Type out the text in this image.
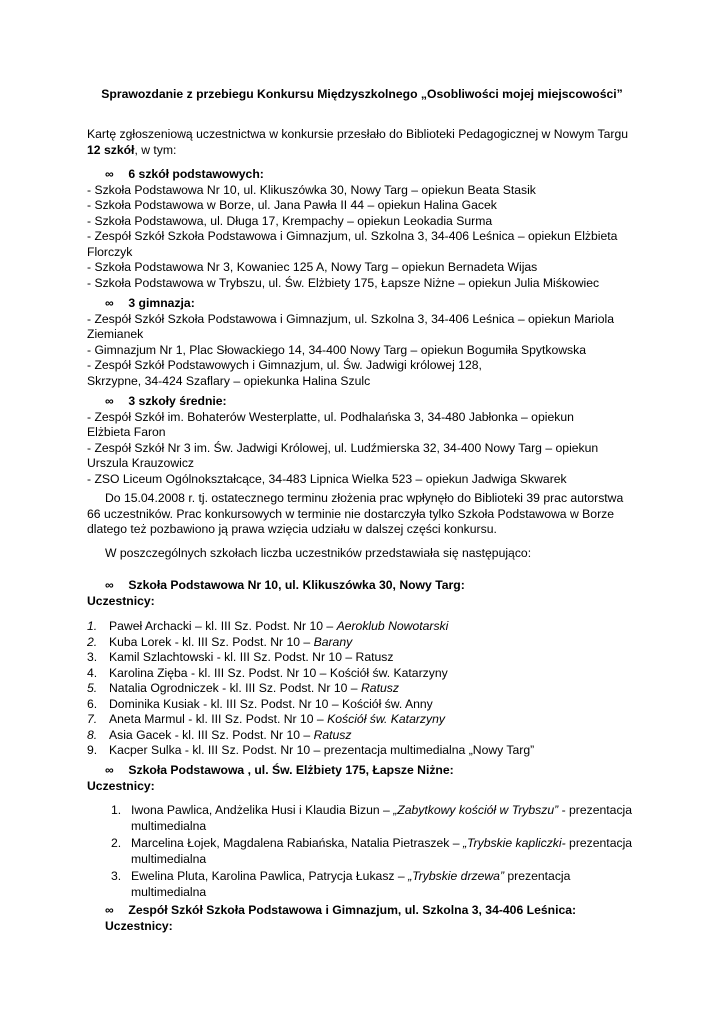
Sprawozdanie z przebiegu Konkursu Międzyszkolnego „Osobliwości mojej miejscowości”
Kartę zgłoszeniową uczestnictwa w konkursie przesłało do Biblioteki Pedagogicznej w Nowym Targu
12 szkół, w tym:
∞ 6 szkół podstawowych:
- Szkoła Podstawowa Nr 10, ul. Klikuszówka 30, Nowy Targ – opiekun Beata Stasik
- Szkoła Podstawowa w Borze, ul. Jana Pawła II 44 – opiekun Halina Gacek
- Szkoła Podstawowa, ul. Długa 17, Krempachy – opiekun Leokadia Surma
- Zespół Szkół Szkoła Podstawowa i Gimnazjum, ul. Szkolna 3, 34-406 Leśnica – opiekun Elżbieta
Florczyk
- Szkoła Podstawowa Nr 3, Kowaniec 125 A, Nowy Targ – opiekun Bernadeta Wijas
- Szkoła Podstawowa w Trybszu, ul. Św. Elżbiety 175, Łapsze Niżne – opiekun Julia Miśkowiec
∞ 3 gimnazja:
- Zespół Szkół Szkoła Podstawowa i Gimnazjum, ul. Szkolna 3, 34-406 Leśnica – opiekun Mariola
Ziemianek
- Gimnazjum Nr 1, Plac Słowackiego 14, 34-400 Nowy Targ – opiekun Bogumiła Spytkowska
- Zespół Szkół Podstawowych i Gimnazjum, ul. Św. Jadwigi królowej 128,
Skrzypne, 34-424 Szaflary – opiekunka Halina Szulc
∞ 3 szkoły średnie:
- Zespół Szkół im. Bohaterów Westerplatte, ul. Podhalańska 3, 34-480 Jabłonka – opiekun
Elżbieta Faron
- Zespół Szkół Nr 3 im. Św. Jadwigi Królowej, ul. Ludźmierska 32, 34-400 Nowy Targ – opiekun
Urszula Krauzowicz
- ZSO Liceum Ogólnokształcące, 34-483 Lipnica Wielka 523 – opiekun Jadwiga Skwarek
Do 15.04.2008 r. tj. ostatecznego terminu złożenia prac wpłynęło do Biblioteki 39 prac autorstwa
66 uczestników. Prac konkursowych w terminie nie dostarczyła tylko Szkoła Podstawowa w Borze
dlatego też pozbawiono ją prawa wzięcia udziału w dalszej części konkursu.
W poszczególnych szkołach liczba uczestników przedstawiała się następująco:
∞ Szkoła Podstawowa Nr 10, ul. Klikuszówka 30, Nowy Targ:
Uczestnicy:
1. Paweł Archacki – kl. III Sz. Podst. Nr 10 – Aeroklub Nowotarski
2. Kuba Lorek - kl. III Sz. Podst. Nr 10 – Barany
3. Kamil Szlachtowski - kl. III Sz. Podst. Nr 10 – Ratusz
4. Karolina Zięba - kl. III Sz. Podst. Nr 10 – Kościół św. Katarzyny
5. Natalia Ogrodniczek - kl. III Sz. Podst. Nr 10 – Ratusz
6. Dominika Kusiak - kl. III Sz. Podst. Nr 10 – Kościół św. Anny
7. Aneta Marmul - kl. III Sz. Podst. Nr 10 – Kościół św. Katarzyny
8. Asia Gacek - kl. III Sz. Podst. Nr 10 – Ratusz
9. Kacper Sulka - kl. III Sz. Podst. Nr 10 – prezentacja multimedialna „Nowy Targ”
∞ Szkoła Podstawowa , ul. Św. Elżbiety 175, Łapsze Niżne:
Uczestnicy:
1. Iwona Pawlica, Andżelika Husi i Klaudia Bizun – „Zabytkowy kościół w Trybszu” - prezentacja
multimedialna
2. Marcelina Łojek, Magdalena Rabiańska, Natalia Pietraszek – „Trybskie kapliczki- prezentacja
multimedialna
3. Ewelina Pluta, Karolina Pawlica, Patrycja Łukasz – „Trybskie drzewa” prezentacja
multimedialna
∞ Zespół Szkół Szkoła Podstawowa i Gimnazjum, ul. Szkolna 3, 34-406 Leśnica:
Uczestnicy:
